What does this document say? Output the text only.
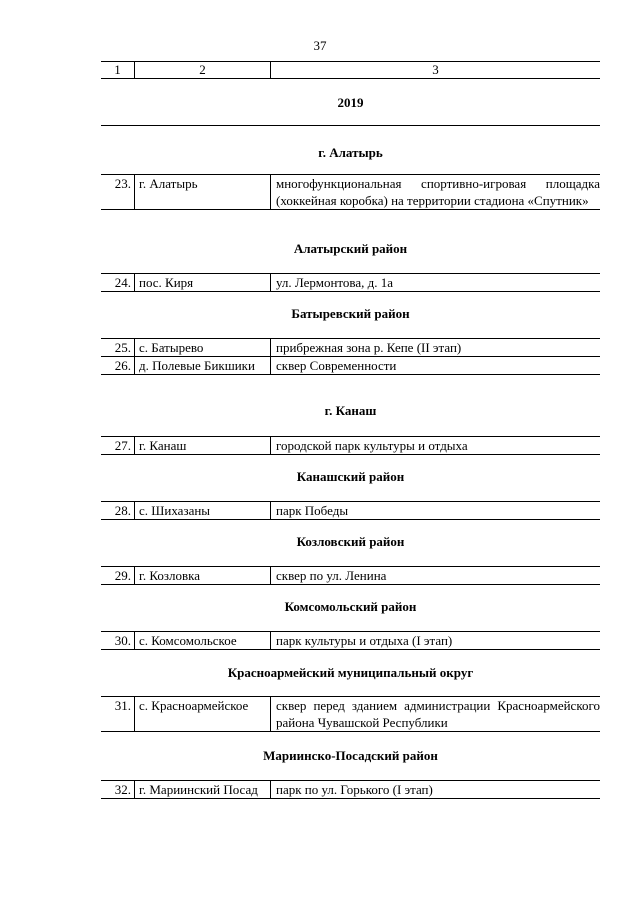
37
1	2	3
2019
г. Алатырь
23. г. Алатырь	многофункциональная спортивно-игровая площадка (хоккейная коробка) на территории стадиона «Спутник»
Алатырский район
24. пос. Киря	ул. Лермонтова, д. 1а
Батыревский район
25. с. Батырево	прибрежная зона р. Кепе (II этап)
26. д. Полевые Бикшики	сквер Современности
г. Канаш
27. г. Канаш	городской парк культуры и отдыха
Канашский район
28. с. Шихазаны	парк Победы
Козловский район
29. г. Козловка	сквер по ул. Ленина
Комсомольский район
30. с. Комсомольское	парк культуры и отдыха (I этап)
Красноармейский муниципальный округ
31. с. Красноармейское	сквер перед зданием администрации Красноармейского района Чувашской Республики
Мариинско-Посадский район
32. г. Мариинский Посад	парк по ул. Горького (I этап)
